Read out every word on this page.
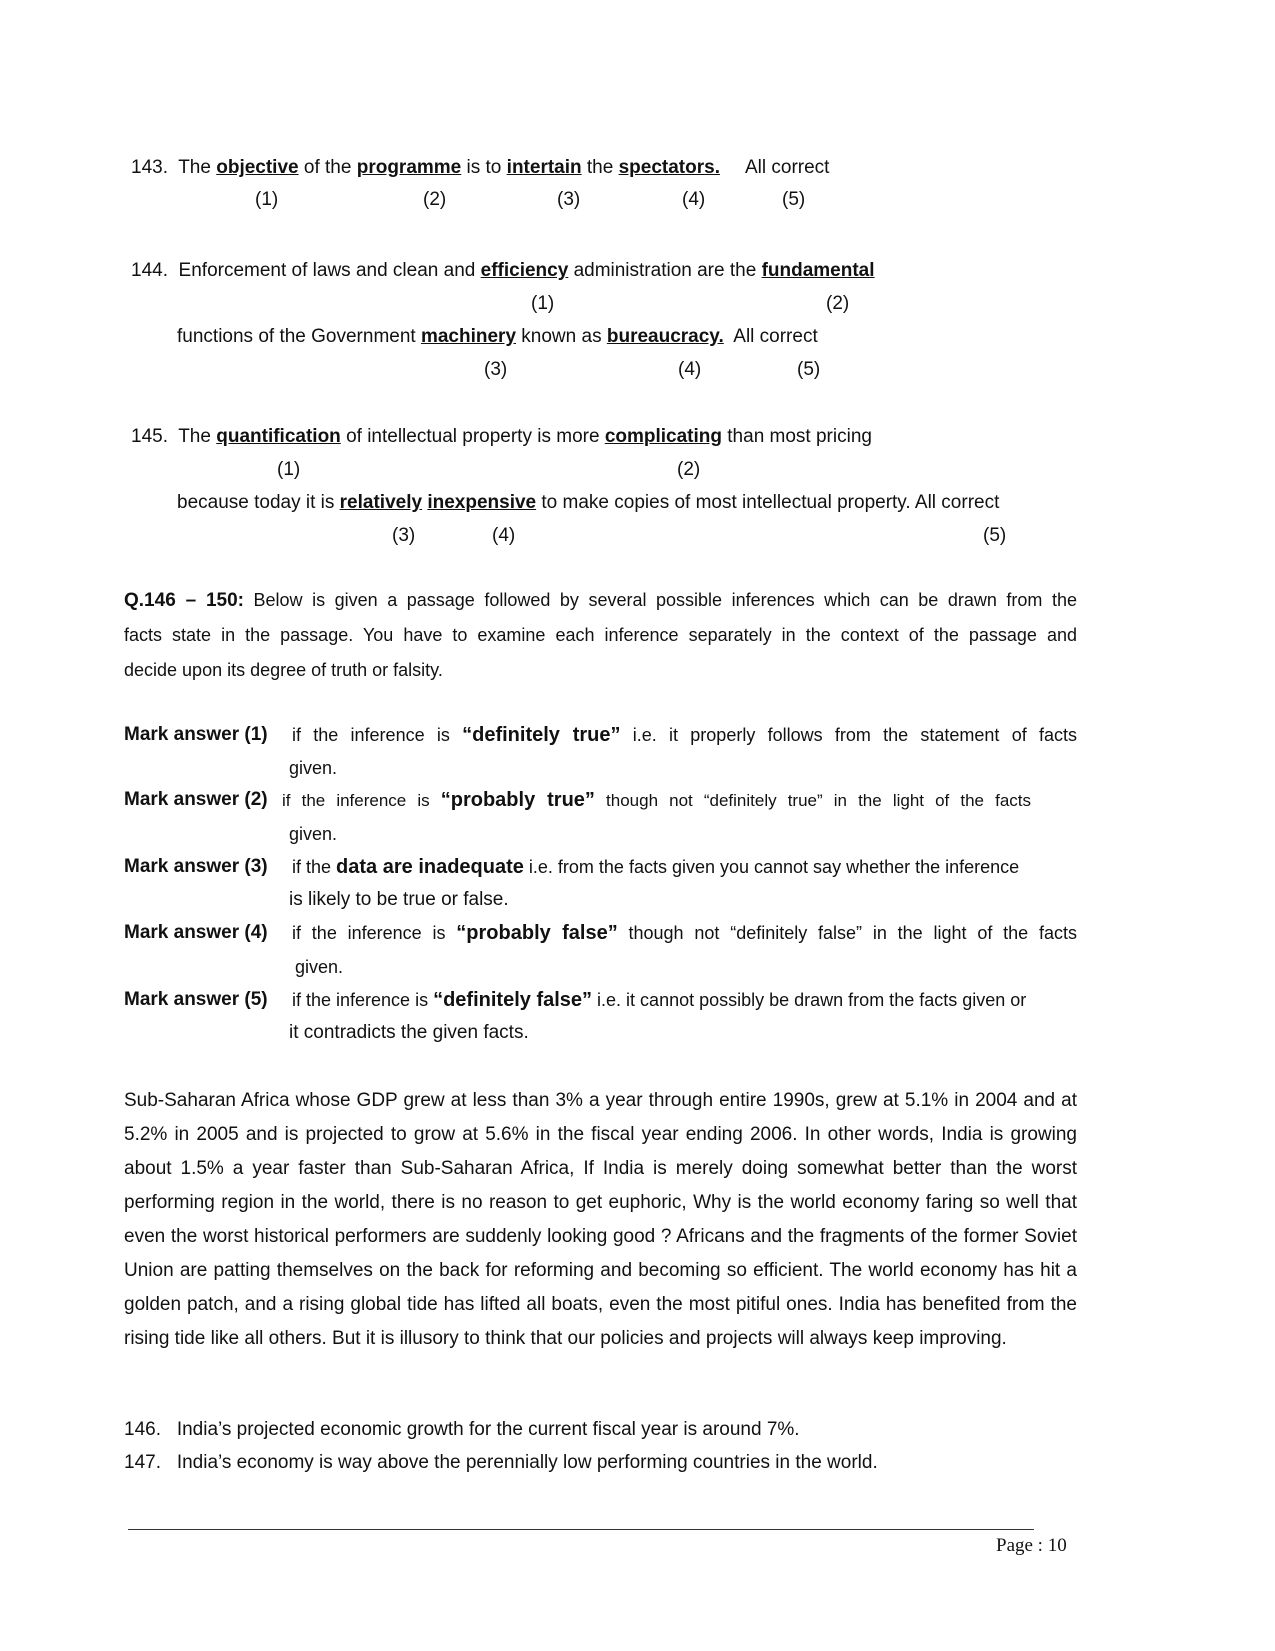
143. The objective of the programme is to intertain the spectators. All correct
(1)	(2)	(3)	(4)	(5)
144. Enforcement of laws and clean and efficiency administration are the fundamental
(1)	(2)
functions of the Government machinery known as bureaucracy. All correct
(3)	(4)	(5)
145. The quantification of intellectual property is more complicating than most pricing
(1)	(2)
because today it is relatively inexpensive to make copies of most intellectual property. All correct
(3)	(4)	(5)
Q.146 – 150: Below is given a passage followed by several possible inferences which can be drawn from the
facts state in the passage. You have to examine each inference separately in the context of the passage and
decide upon its degree of truth or falsity.
Mark answer (1) if the inference is “definitely true” i.e. it properly follows from the statement of facts
given.
Mark answer (2) if the inference is “probably true” though not “definitely true” in the light of the facts
given.
Mark answer (3) if the data are inadequate i.e. from the facts given you cannot say whether the inference
is likely to be true or false.
Mark answer (4) if the inference is “probably false” though not “definitely false” in the light of the facts
given.
Mark answer (5) if the inference is “definitely false” i.e. it cannot possibly be drawn from the facts given or
it contradicts the given facts.
Sub-Saharan Africa whose GDP grew at less than 3% a year through entire 1990s, grew at 5.1% in 2004 and at 5.2% in 2005 and is projected to grow at 5.6% in the fiscal year ending 2006. In other words, India is growing about 1.5% a year faster than Sub-Saharan Africa, If India is merely doing somewhat better than the worst performing region in the world, there is no reason to get euphoric, Why is the world economy faring so well that even the worst historical performers are suddenly looking good ? Africans and the fragments of the former Soviet Union are patting themselves on the back for reforming and becoming so efficient. The world economy has hit a golden patch, and a rising global tide has lifted all boats, even the most pitiful ones. India has benefited from the rising tide like all others. But it is illusory to think that our policies and projects will always keep improving.
146. India’s projected economic growth for the current fiscal year is around 7%.
147. India’s economy is way above the perennially low performing countries in the world.
Page : 10
